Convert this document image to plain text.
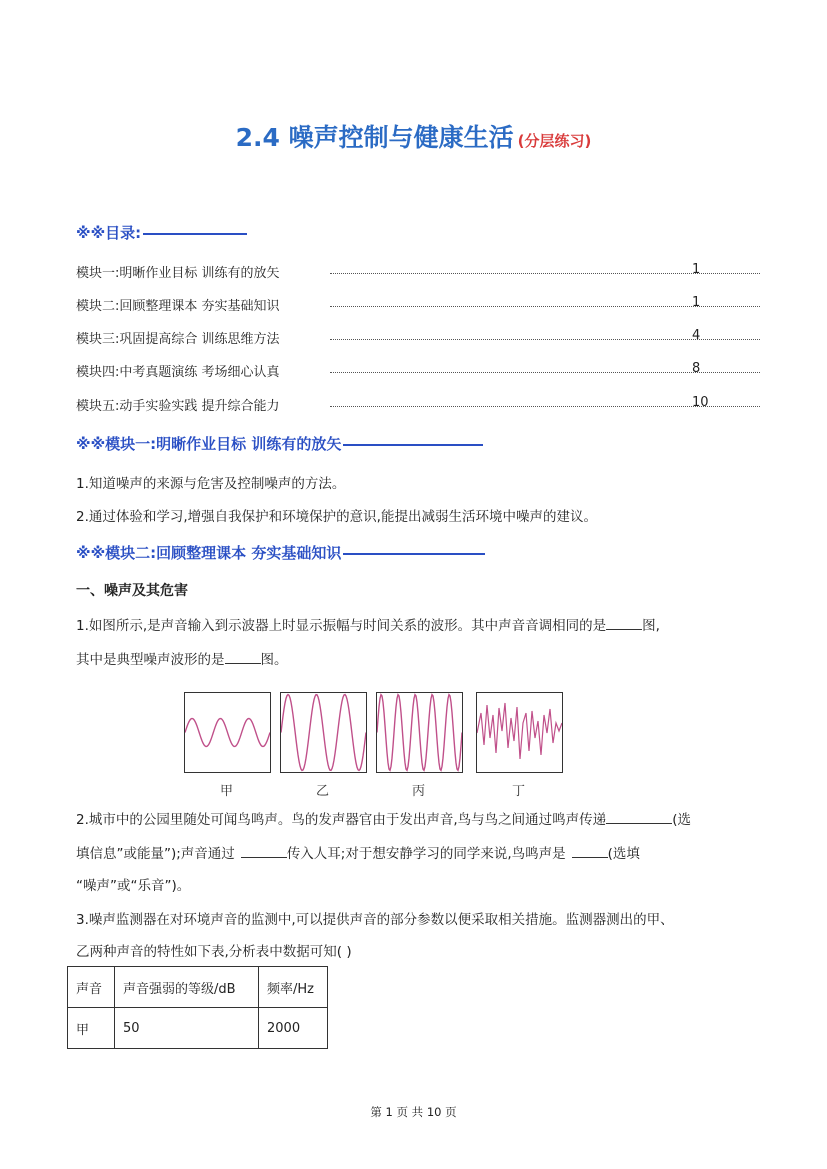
2.4 噪声控制与健康生活 (分层练习)
※※目录:
模块一:明晰作业目标 训练有的放矢	1
模块二:回顾整理课本 夯实基础知识	1
模块三:巩固提高综合 训练思维方法	4
模块四:中考真题演练 考场细心认真	8
模块五:动手实验实践 提升综合能力	10
※※模块一:明晰作业目标 训练有的放矢
1.知道噪声的来源与危害及控制噪声的方法。
2.通过体验和学习,增强自我保护和环境保护的意识,能提出减弱生活环境中噪声的建议。
※※模块二:回顾整理课本 夯实基础知识
一、噪声及其危害
1.如图所示,是声音输入到示波器上时显示振幅与时间关系的波形。其中声音音调相同的是	图,
其中是典型噪声波形的是	图。
甲	乙	丙	丁
2.城市中的公园里随处可闻鸟鸣声。鸟的发声器官由于发出声音,鸟与鸟之间通过鸣声传递	(选
填信息”或能量”);声音通过	传入人耳;对于想安静学习的同学来说,鸟鸣声是	(选填
“噪声”或“乐音”)。
3.噪声监测器在对环境声音的监测中,可以提供声音的部分参数以便采取相关措施。监测器测出的甲、
乙两种声音的特性如下表,分析表中数据可知( )
声音	声音强弱的等级/dB	频率/Hz
甲	50	2000
第 1 页 共 10 页
